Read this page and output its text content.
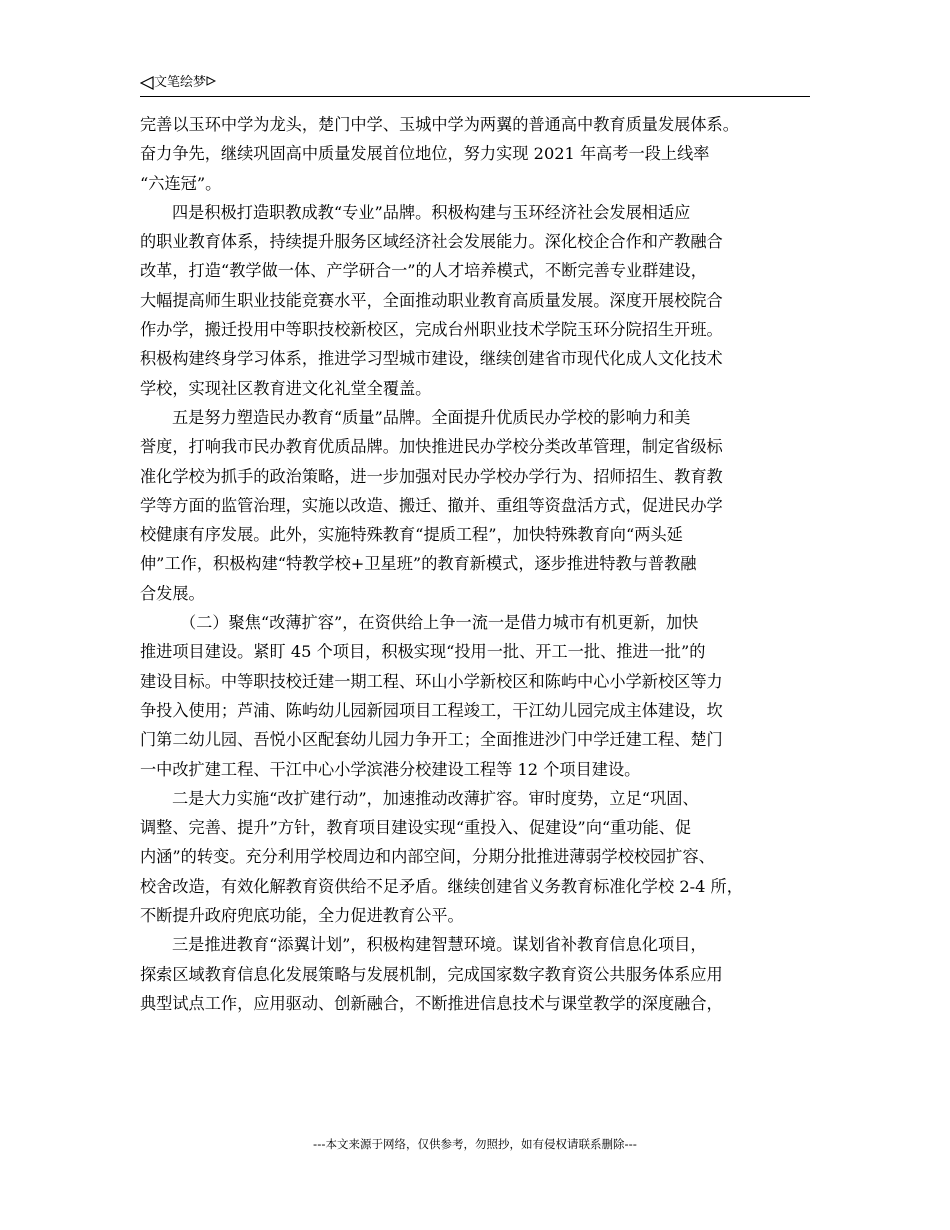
文笔绘梦
完善以玉环中学为龙头，楚门中学、玉城中学为两翼的普通高中教育质量发展体系。
奋力争先，继续巩固高中质量发展首位地位，努力实现 2021 年高考一段上线率
“六连冠”。
四是积极打造职教成教“专业”品牌。积极构建与玉环经济社会发展相适应
的职业教育体系，持续提升服务区域经济社会发展能力。深化校企合作和产教融合
改革，打造“教学做一体、产学研合一”的人才培养模式，不断完善专业群建设，
大幅提高师生职业技能竞赛水平，全面推动职业教育高质量发展。深度开展校院合
作办学，搬迁投用中等职技校新校区，完成台州职业技术学院玉环分院招生开班。
积极构建终身学习体系，推进学习型城市建设，继续创建省市现代化成人文化技术
学校，实现社区教育进文化礼堂全覆盖。
五是努力塑造民办教育“质量”品牌。全面提升优质民办学校的影响力和美
誉度，打响我市民办教育优质品牌。加快推进民办学校分类改革管理，制定省级标
准化学校为抓手的政治策略，进一步加强对民办学校办学行为、招师招生、教育教
学等方面的监管治理，实施以改造、搬迁、撤并、重组等资盘活方式，促进民办学
校健康有序发展。此外，实施特殊教育“提质工程”，加快特殊教育向“两头延
伸”工作，积极构建“特教学校+卫星班”的教育新模式，逐步推进特教与普教融
合发展。
（二）聚焦“改薄扩容”，在资供给上争一流一是借力城市有机更新，加快
推进项目建设。紧盯 45 个项目，积极实现“投用一批、开工一批、推进一批”的
建设目标。中等职技校迁建一期工程、环山小学新校区和陈屿中心小学新校区等力
争投入使用；芦浦、陈屿幼儿园新园项目工程竣工，干江幼儿园完成主体建设，坎
门第二幼儿园、吾悦小区配套幼儿园力争开工；全面推进沙门中学迁建工程、楚门
一中改扩建工程、干江中心小学滨港分校建设工程等 12 个项目建设。
二是大力实施“改扩建行动”，加速推动改薄扩容。审时度势，立足“巩固、
调整、完善、提升”方针，教育项目建设实现“重投入、促建设”向“重功能、促
内涵”的转变。充分利用学校周边和内部空间，分期分批推进薄弱学校校园扩容、
校舍改造，有效化解教育资供给不足矛盾。继续创建省义务教育标准化学校 2-4 所，
不断提升政府兜底功能，全力促进教育公平。
三是推进教育“添翼计划”，积极构建智慧环境。谋划省补教育信息化项目，
探索区域教育信息化发展策略与发展机制，完成国家数字教育资公共服务体系应用
典型试点工作，应用驱动、创新融合，不断推进信息技术与课堂教学的深度融合，
---本文来源于网络，仅供参考，勿照抄，如有侵权请联系删除---
